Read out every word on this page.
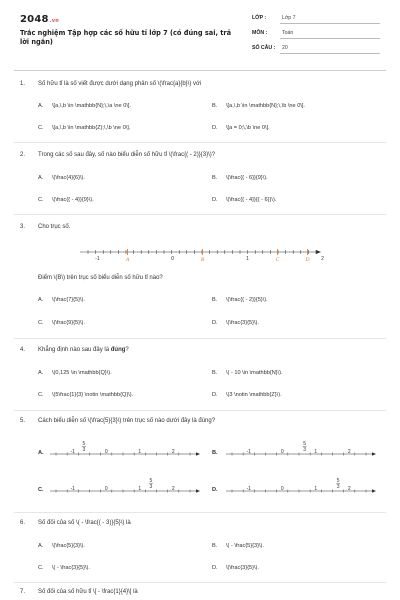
2048.vn
Trắc nghiệm Tập hợp các số hữu tỉ lớp 7 (có đúng sai, trả lời ngắn)
LỚP :	Lớp 7
MÔN :	Toán
SỐ CÂU : 20
1. Số hữu tỉ là số viết được dưới dạng phân số \(\frac{a}{b}\) với
A. \[a,\,b \in \mathbb{N};\,\a \ne 0\].	B. \[a,\,b \in \mathbb{N};\,\b \ne 0\].
C. \[a,\,b \in \mathbb{Z};\,\b \ne 0\].	D. \[a = 0;\,\b \ne 0\].
2. Trong các số sau đây, số nào biểu diễn số hữu tỉ \(\frac{( - 2)}{3}\)?
A. \(\frac{4}{6}\).	B. \(\frac{{ - 6}}{9}\).
C. \(\frac{{ - 4}}{9}\).	D. \(\frac{{ - 4}}{{ - 6}}\).
3. Cho trục số.
-1	0	1	2
A	B	C	D
Điểm \(B\) trên trục số biểu diễn số hữu tỉ nào?
A. \(\frac{7}{5}\).	B. \(\frac{{ - 2}}{5}\).
C. \(\frac{9}{5}\).	D. \(\frac{3}{5}\).
4. Khẳng định nào sau đây là đúng?
A. \(0,125 \in \mathbb{Q}\).	B. \( - 10 \in \mathbb{N}\).
C. \(5\frac{1}{3} \notin \mathbb{Q}\).	D. \(3 \notin \mathbb{Z}\).
5. Cách biểu diễn số \(\frac{5}{3}\) trên trục số nào dưới đây là đúng?
A.	-1	0	1	2
5
3	B.	-1	0	1	2
5
3
C.	-1	0	1	2
5
3	D.	-1	0	1	2
5
3
6. Số đối của số \( - \frac{( - 3)}{5}\) là
A. \(\frac{5}{3}\).	B. \( - \frac{5}{3}\).
C. \( - \frac{3}{5}\).	D. \(\frac{3}{5}\).
7. Số đối của số hữu tỉ \[ - \frac{1}{4}\] là
